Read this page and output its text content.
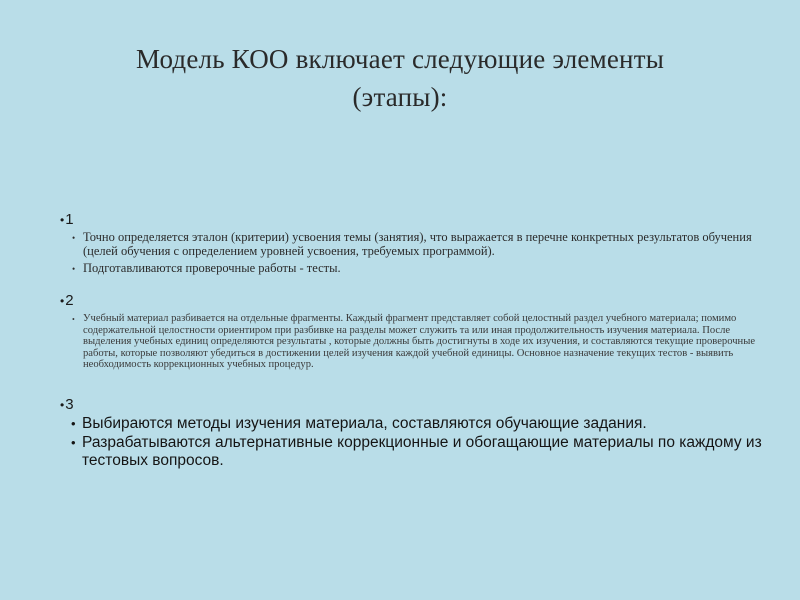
Модель КОО включает следующие элементы
(этапы):
• 1
• Точно определяется эталон (критерии) усвоения темы (занятия), что выражается в перечне конкретных результатов обучения (целей обучения с определением уровней усвоения, требуемых программой).
• Подготавливаются проверочные работы - тесты.
• 2
• Учебный материал разбивается на отдельные фрагменты. Каждый фрагмент представляет собой целостный раздел учебного материала; помимо содержательной целостности ориентиром при разбивке на разделы может служить та или иная продолжительность изучения материала. После выделения учебных единиц определяются результаты , которые должны быть достигнуты в ходе их изучения, и составляются текущие проверочные работы, которые позволяют убедиться в достижении целей изучения каждой учебной единицы. Основное назначение текущих тестов - выявить необходимость коррекционных учебных процедур.
• 3
• Выбираются методы изучения материала, составляются обучающие задания.
• Разрабатываются альтернативные коррекционные и обогащающие материалы по каждому из тестовых вопросов.
